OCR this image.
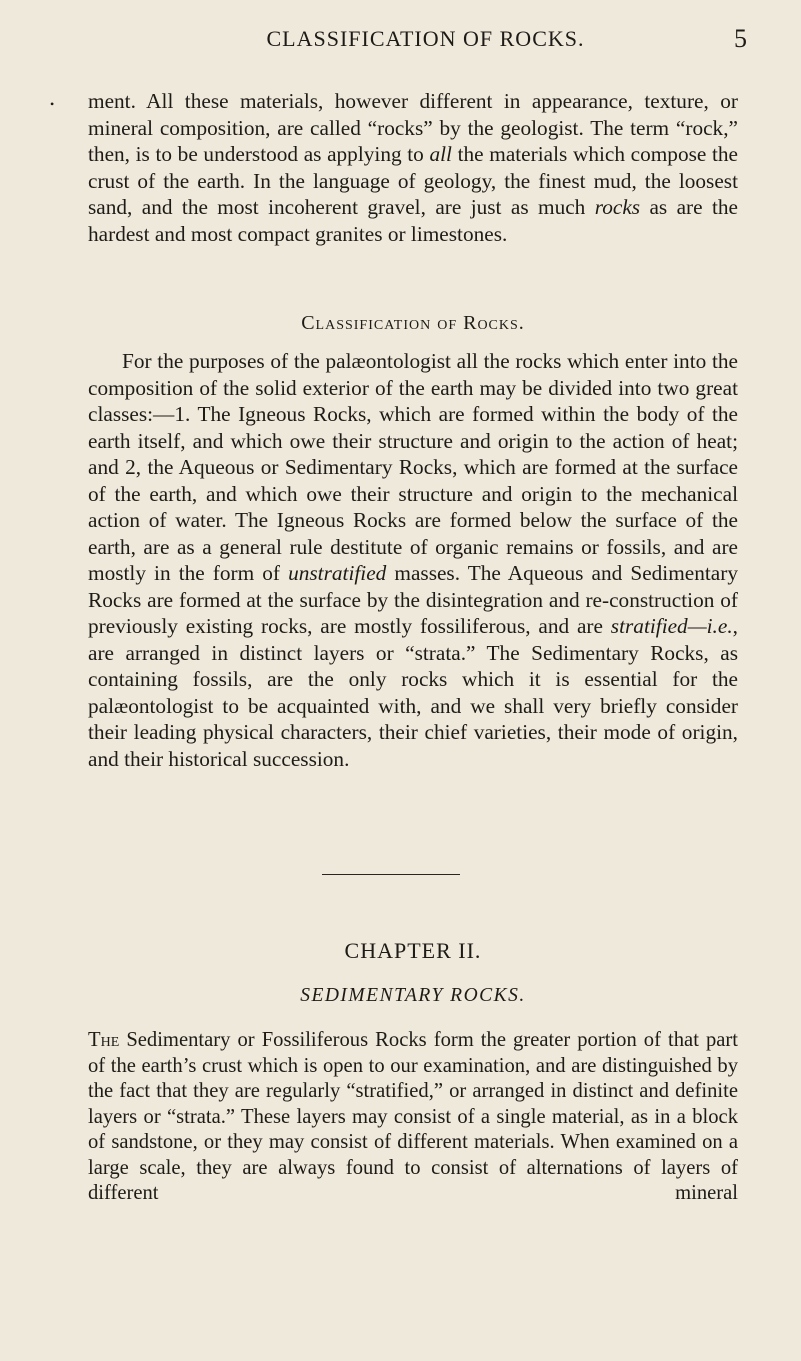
•
CLASSIFICATION OF ROCKS.	5

ment. All these materials, however different in appearance, texture, or mineral composition, are called “rocks” by the geologist. The term “rock,” then, is to be understood as applying to all the materials which compose the crust of the earth. In the language of geology, the finest mud, the loosest sand, and the most incoherent gravel, are just as much rocks as are the hardest and most compact granites or limestones.

Classification of Rocks.

For the purposes of the palæontologist all the rocks which enter into the composition of the solid exterior of the earth may be divided into two great classes:—1. The Igneous Rocks, which are formed within the body of the earth itself, and which owe their structure and origin to the action of heat; and 2, the Aqueous or Sedimentary Rocks, which are formed at the surface of the earth, and which owe their structure and origin to the mechanical action of water. The Igneous Rocks are formed below the surface of the earth, are as a general rule destitute of organic remains or fossils, and are mostly in the form of unstratified masses. The Aqueous and Sedimentary Rocks are formed at the surface by the disintegration and re-construction of previously existing rocks, are mostly fossiliferous, and are stratified—i.e., are arranged in distinct layers or “strata.” The Sedimentary Rocks, as containing fossils, are the only rocks which it is essential for the palæontologist to be acquainted with, and we shall very briefly consider their leading physical characters, their chief varieties, their mode of origin, and their historical succession.

CHAPTER II.
SEDIMENTARY ROCKS.

The Sedimentary or Fossiliferous Rocks form the greater portion of that part of the earth’s crust which is open to our examination, and are distinguished by the fact that they are regularly “stratified,” or arranged in distinct and definite layers or “strata.” These layers may consist of a single material, as in a block of sandstone, or they may consist of different materials. When examined on a large scale, they are always found to consist of alternations of layers of different mineral
